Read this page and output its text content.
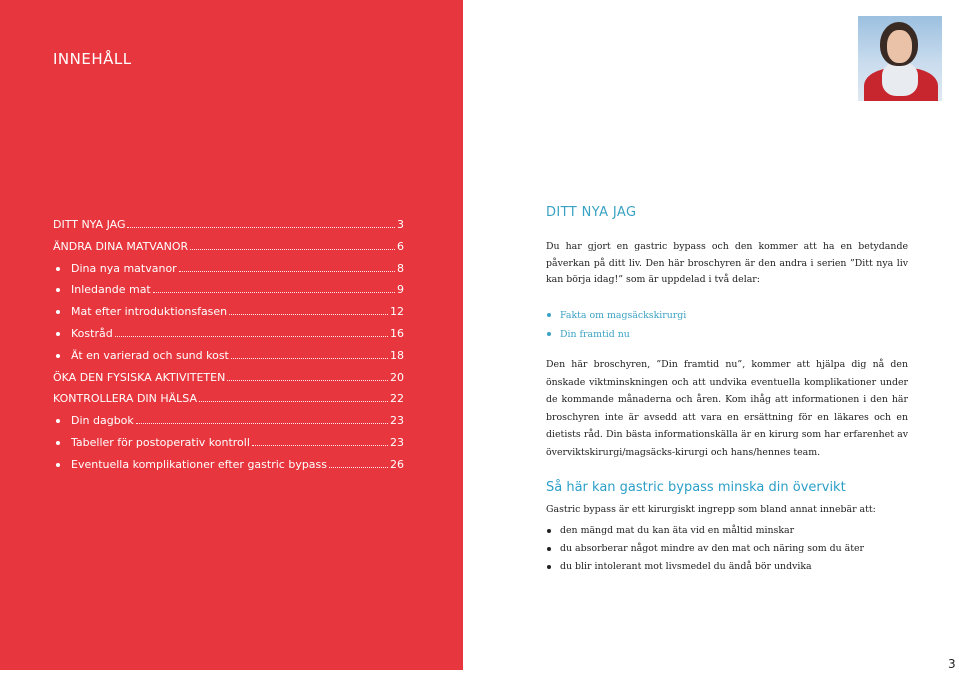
INNEHÅLL
DITT NYA JAG	3
ÄNDRA DINA MATVANOR	6
Dina nya matvanor	8
Inledande mat	9
Mat efter introduktionsfasen	12
Kostråd	16
Ät en varierad och sund kost	18
ÖKA DEN FYSISKA AKTIVITETEN	20
KONTROLLERA DIN HÄLSA	22
Din dagbok	23
Tabeller för postoperativ kontroll	23
Eventuella komplikationer efter gastric bypass	26
DITT NYA JAG

Du har gjort en gastric bypass och den kommer att ha en betydande påverkan på ditt liv. Den här broschyren är den andra i serien ”Ditt nya liv kan börja idag!” som är uppdelad i två delar:

Fakta om magsäckskirurgi
Din framtid nu

Den här broschyren, ”Din framtid nu”, kommer att hjälpa dig nå den önskade viktminskningen och att undvika eventuella komplikationer under de kommande månaderna och åren. Kom ihåg att informationen i den här broschyren inte är avsedd att vara en ersättning för en läkares och en dietists råd. Din bästa informationskälla är en kirurg som har erfarenhet av överviktskirurgi/magsäcks-kirurgi och hans/hennes team.

Så här kan gastric bypass minska din övervikt

Gastric bypass är ett kirurgiskt ingrepp som bland annat innebär att:

den mängd mat du kan äta vid en måltid minskar
du absorberar något mindre av den mat och näring som du äter
du blir intolerant mot livsmedel du ändå bör undvika
3
